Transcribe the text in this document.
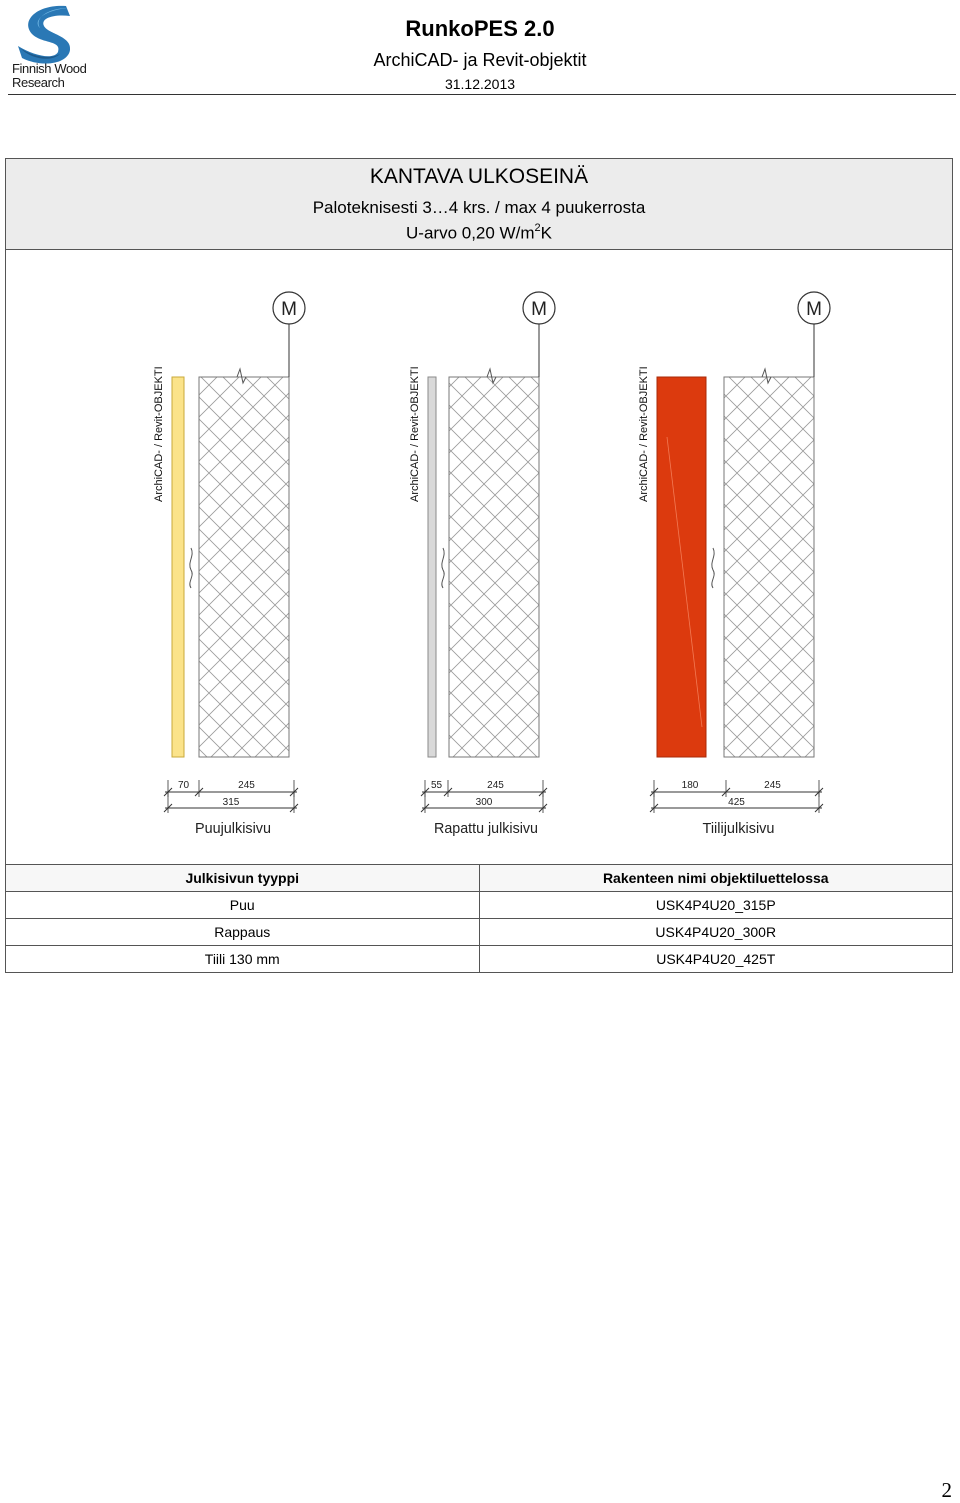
Finnish Wood
Research
RunkoPES 2.0
ArchiCAD- ja Revit-objektit
31.12.2013
KANTAVA ULKOSEINÄ
Paloteknisesti 3…4 krs. / max 4 puukerrosta
U-arvo 0,20 $W/m^2K$
ArchiCAD- / Revit-OBJEKTI
M
70	245
315
Puujulkisivu
ArchiCAD- / Revit-OBJEKTI
M
55	245
300
Rapattu julkisivu
ArchiCAD- / Revit-OBJEKTI
M
180	245
425
Tiilijulkisivu
Julkisivun tyyppi	Rakenteen nimi objektiluettelossa
Puu	USK4P4U20_315P
Rappaus	USK4P4U20_300R
Tiili 130 mm	USK4P4U20_425T
2
